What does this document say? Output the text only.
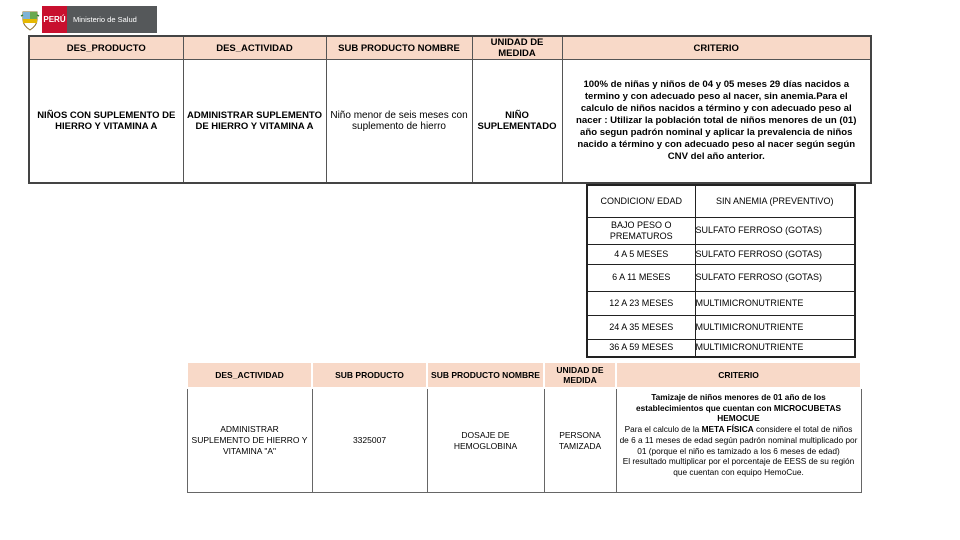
PERÚ Ministerio de Salud
DES_PRODUCTO	DES_ACTIVIDAD	SUB PRODUCTO NOMBRE	UNIDAD DE MEDIDA	CRITERIO
NIÑOS CON SUPLEMENTO DE HIERRO Y VITAMINA A	ADMINISTRAR SUPLEMENTO DE HIERRO Y VITAMINA A	Niño menor de seis meses con suplemento de hierro	NIÑO SUPLEMENTADO	100% de niñas y niños de 04 y 05 meses 29 días nacidos a termino y con adecuado peso al nacer, sin anemia.Para el calculo de niños nacidos a término y con adecuado peso al nacer : Utilizar la población total de niños menores de un (01) año segun padrón nominal y aplicar la prevalencia de niños nacido a término y con adecuado peso al nacer según según CNV del año anterior.
CONDICION/ EDAD	SIN ANEMIA (PREVENTIVO)
BAJO PESO O PREMATUROS	SULFATO FERROSO (GOTAS)
4 A 5 MESES	SULFATO FERROSO (GOTAS)
6 A 11 MESES	SULFATO FERROSO (GOTAS)
12 A 23 MESES	MULTIMICRONUTRIENTE
24 A 35 MESES	MULTIMICRONUTRIENTE
36 A 59 MESES	MULTIMICRONUTRIENTE
DES_ACTIVIDAD	SUB PRODUCTO	SUB PRODUCTO NOMBRE	UNIDAD DE MEDIDA	CRITERIO
ADMINISTRAR SUPLEMENTO DE HIERRO Y VITAMINA "A"	3325007	DOSAJE DE HEMOGLOBINA	PERSONA TAMIZADA	Tamizaje de niños menores de 01 año de los establecimientos que cuentan con MICROCUBETAS HEMOCUE
Para el calculo de la META FÍSICA considere el total de niños de 6 a 11 meses de edad según padrón nominal multiplicado por 01 (porque el niño es tamizado a los 6 meses de edad)
El resultado multiplicar por el porcentaje de EESS de su región que cuentan con equipo HemoCue.
